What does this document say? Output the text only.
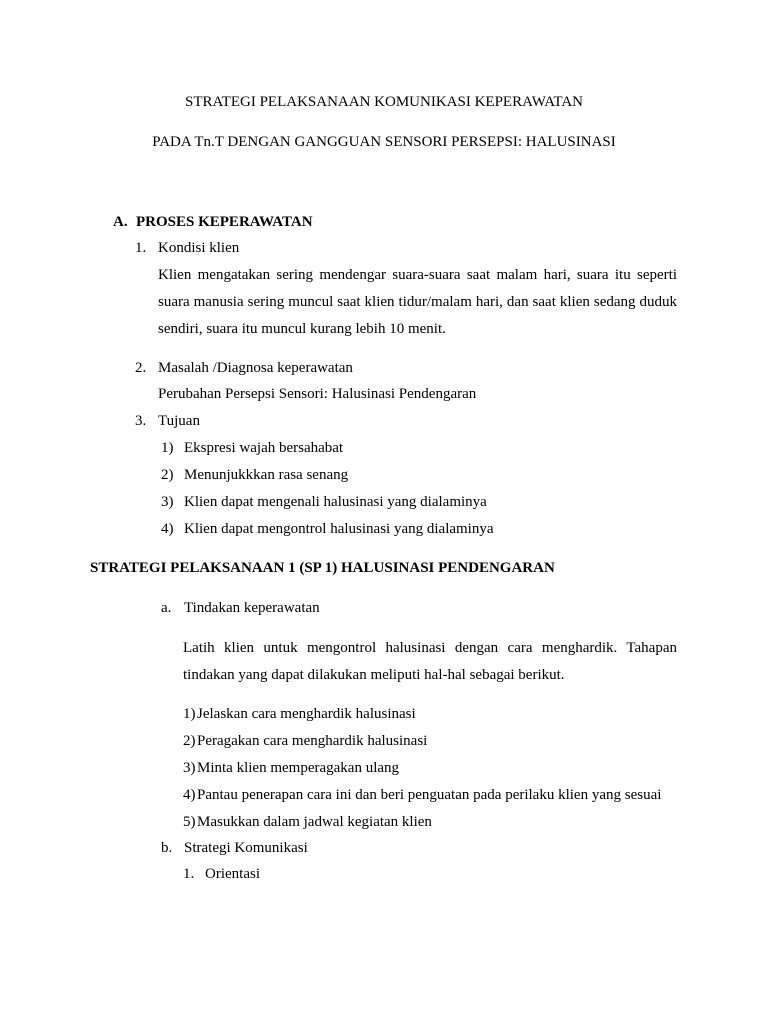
STRATEGI PELAKSANAAN KOMUNIKASI KEPERAWATAN
PADA Tn.T DENGAN GANGGUAN SENSORI PERSEPSI: HALUSINASI
A. PROSES KEPERAWATAN
1. Kondisi klien
Klien mengatakan sering mendengar suara-suara saat malam hari, suara itu seperti
suara manusia sering muncul saat klien tidur/malam hari, dan saat klien sedang duduk
sendiri, suara itu muncul kurang lebih 10 menit.
2. Masalah /Diagnosa keperawatan
Perubahan Persepsi Sensori: Halusinasi Pendengaran
3. Tujuan
1) Ekspresi wajah bersahabat
2) Menunjukkkan rasa senang
3) Klien dapat mengenali halusinasi yang dialaminya
4) Klien dapat mengontrol halusinasi yang dialaminya
STRATEGI PELAKSANAAN 1 (SP 1) HALUSINASI PENDENGARAN
a. Tindakan keperawatan
Latih klien untuk mengontrol halusinasi dengan cara menghardik. Tahapan
tindakan yang dapat dilakukan meliputi hal-hal sebagai berikut.
1) Jelaskan cara menghardik halusinasi
2) Peragakan cara menghardik halusinasi
3) Minta klien memperagakan ulang
4) Pantau penerapan cara ini dan beri penguatan pada perilaku klien yang sesuai
5) Masukkan dalam jadwal kegiatan klien
b. Strategi Komunikasi
1. Orientasi
